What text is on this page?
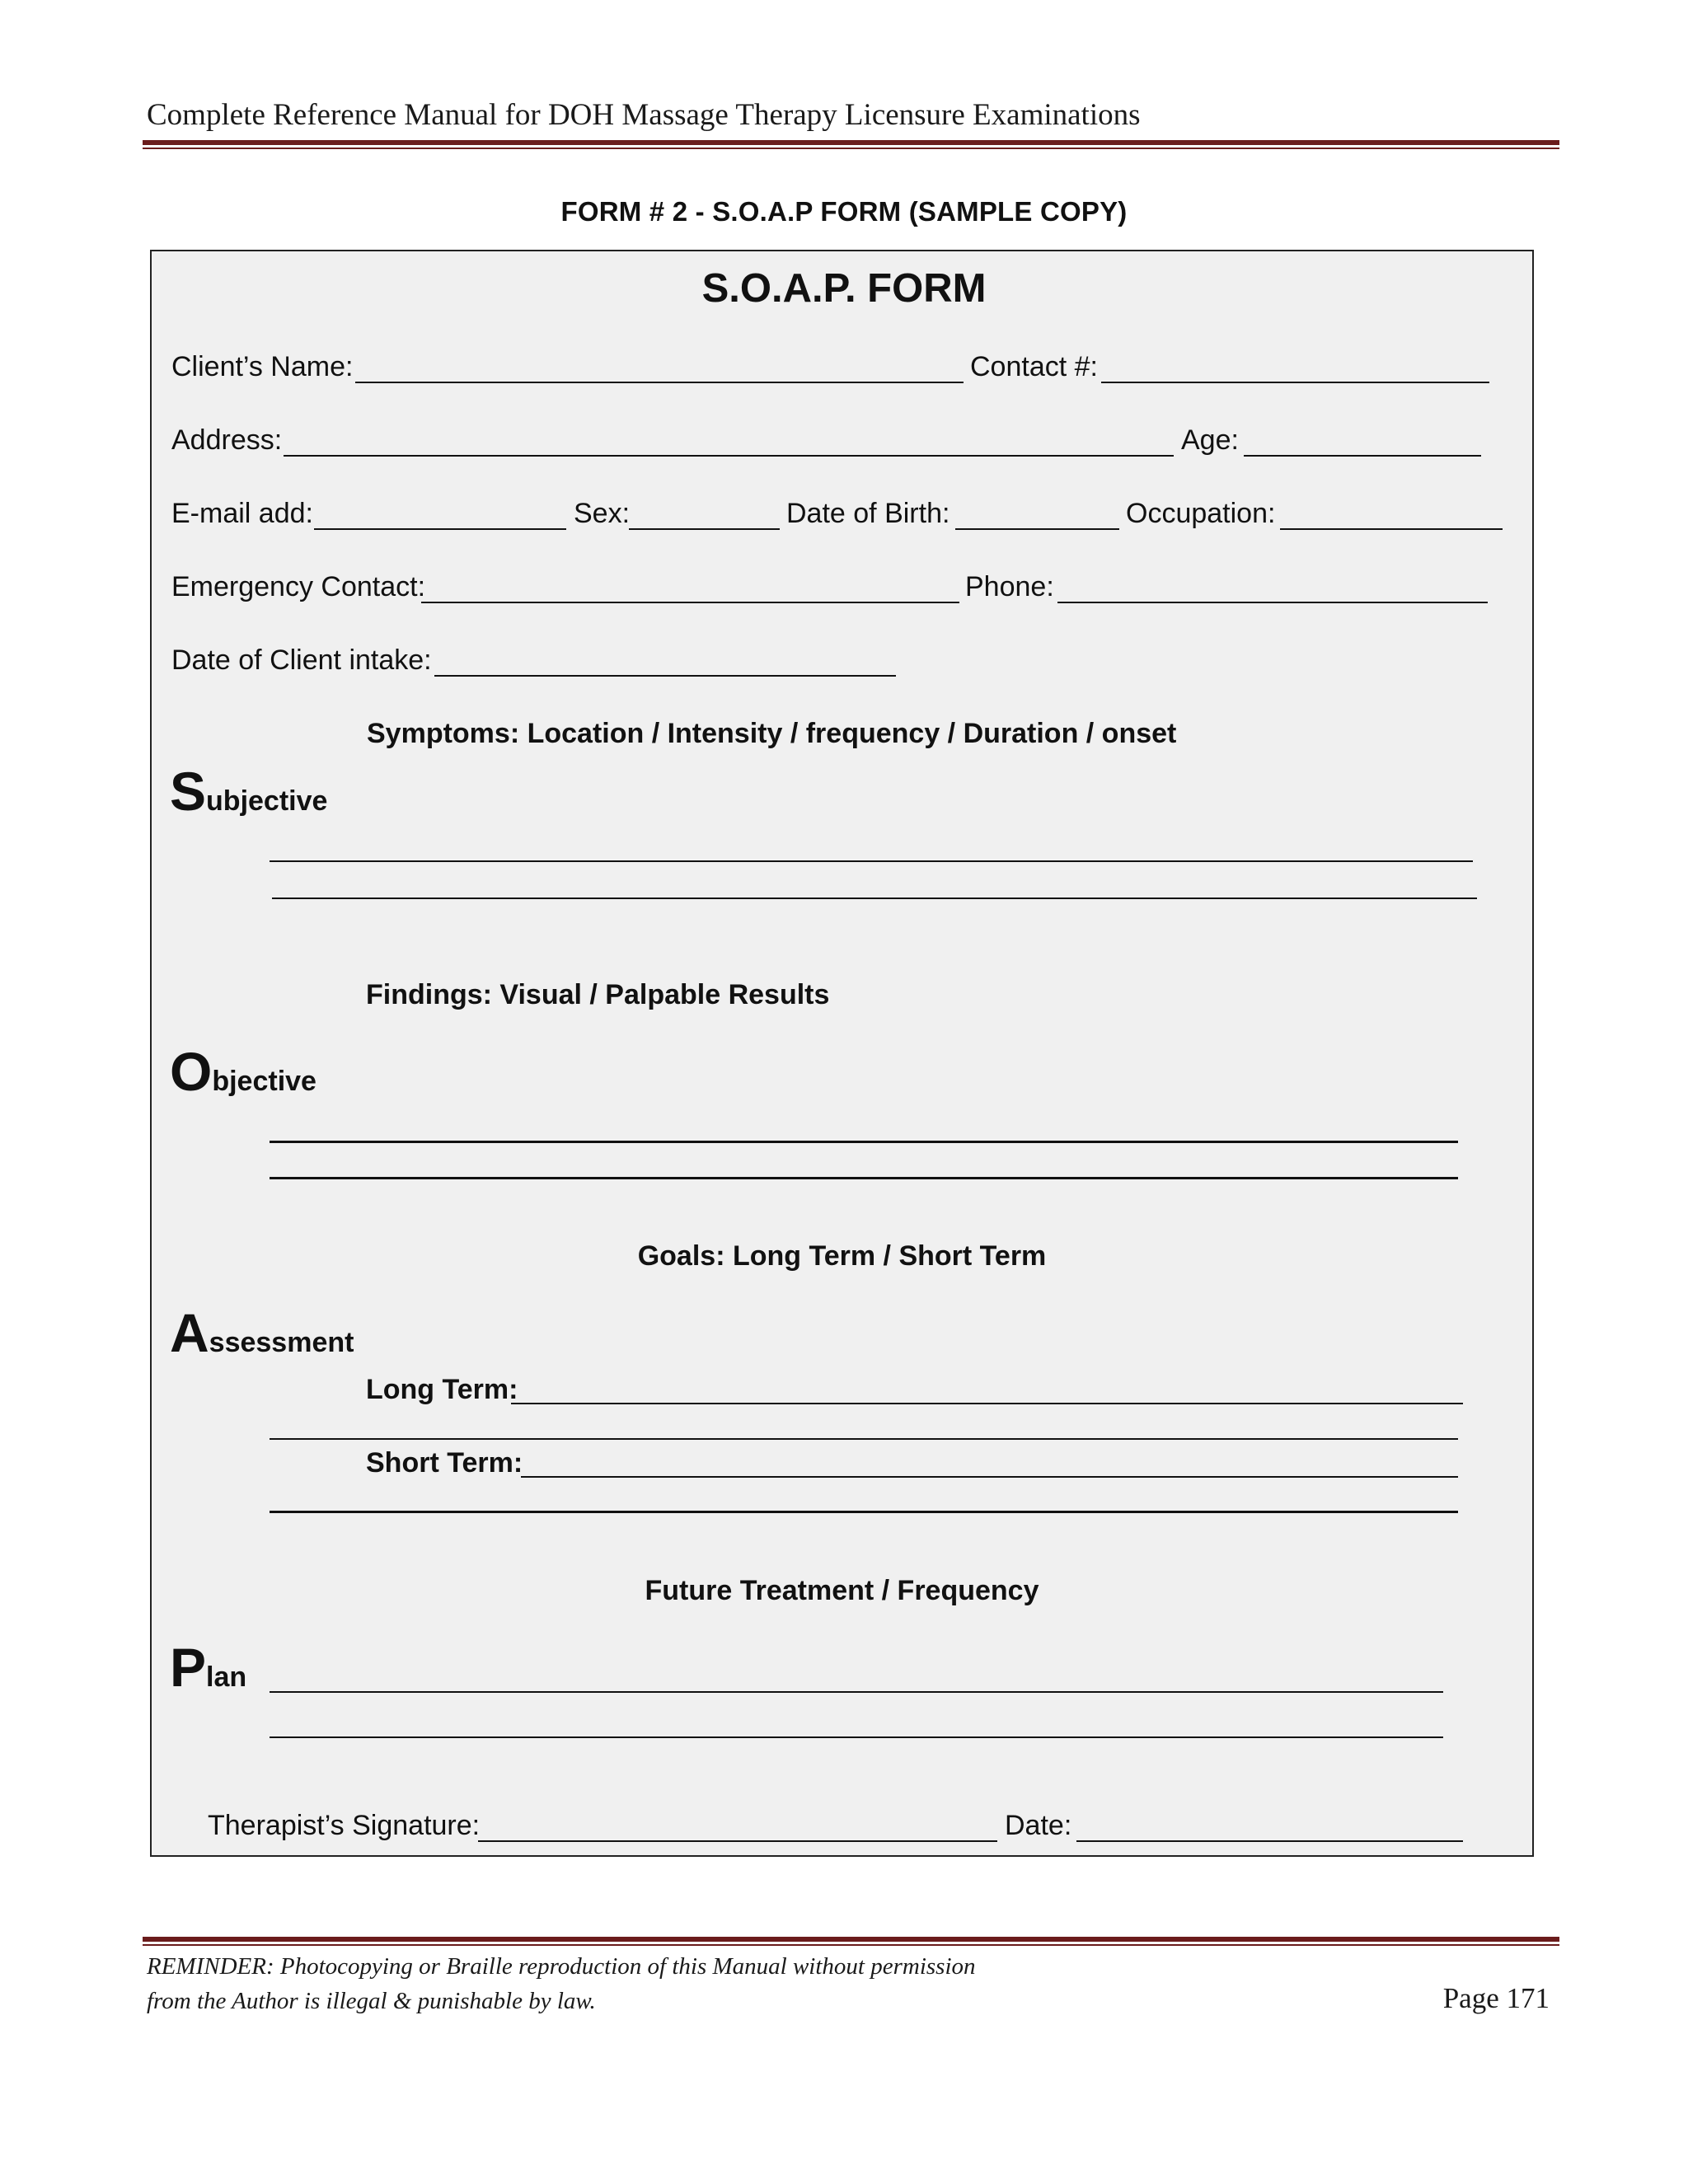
Complete Reference Manual for DOH Massage Therapy Licensure Examinations
FORM # 2 - S.O.A.P FORM (SAMPLE COPY)
S.O.A.P. FORM
Client’s Name:	Contact #:
Address:	Age:
E-mail add:	Sex:	Date of Birth:	Occupation:
Emergency Contact:	Phone:
Date of Client intake:
Symptoms: Location / Intensity / frequency / Duration / onset
Subjective
Findings: Visual / Palpable Results
Objective
Goals: Long Term / Short Term
Assessment
Long Term:
Short Term:
Future Treatment / Frequency
Plan
Therapist’s Signature:	Date:
REMINDER: Photocopying or Braille reproduction of this Manual without permission
from the Author is illegal & punishable by law.	Page 171
